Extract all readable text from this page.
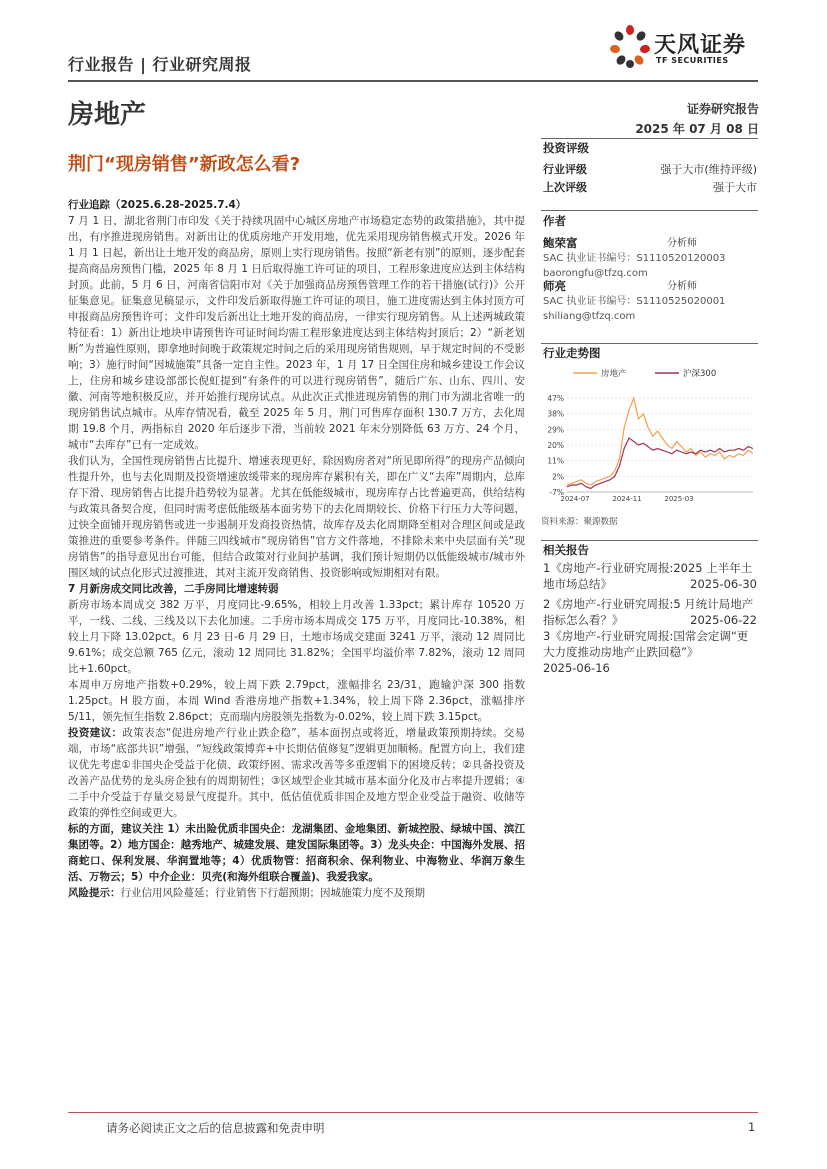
行业报告 | 行业研究周报
天风证券
TF SECURITIES
房地产	证券研究报告
2025 年 07 月 08 日
荆门“现房销售”新政怎么看?

行业追踪（2025.6.28-2025.7.4）

7 月 1 日，湖北省荆门市印发《关于持续巩固中心城区房地产市场稳定态势的政策措施》，其中提出，有序推进现房销售。对新出让的优质房地产开发用地，优先采用现房销售模式开发。2026 年 1 月 1 日起，新出让土地开发的商品房，原则上实行现房销售。按照“新老有别”的原则，逐步配套提高商品房预售门槛，2025 年 8 月 1 日后取得施工许可证的项目，工程形象进度应达到主体结构封顶。此前，5 月 6 日，河南省信阳市对《关于加强商品房预售管理工作的若干措施(试行)》公开征集意见。征集意见稿显示，文件印发后新取得施工许可证的项目，施工进度需达到主体封顶方可申报商品房预售许可；文件印发后新出让土地开发的商品房，一律实行现房销售。从上述两城政策特征看：1）新出让地块申请预售许可证时间均需工程形象进度达到主体结构封顶后；2）“新老划断”为普遍性原则，即拿地时间晚于政策规定时间之后的采用现房销售规则，早于规定时间的不受影响；3）施行时间“因城施策”具备一定自主性。2023 年，1 月 17 日全国住房和城乡建设工作会议上，住房和城乡建设部部长倪虹提到“有条件的可以进行现房销售”，随后广东、山东、四川、安徽、河南等地积极反应，并开始推行现房试点。从此次正式推进现房销售的荆门市为湖北省唯一的现房销售试点城市。从库存情况看，截至 2025 年 5 月，荆门可售库存面积 130.7 万方，去化周期 19.8 个月，两指标自 2020 年后逐步下滑，当前较 2021 年末分别降低 63 万方、24 个月，城市“去库存”已有一定成效。

我们认为，全国性现房销售占比提升、增速表现更好，除因购房者对“所见即所得”的现房产品倾向性提升外，也与去化周期及投资增速放缓带来的现房库存累积有关，即在广义“去库”周期内，总库存下滑、现房销售占比提升趋势较为显著。尤其在低能级城市，现房库存占比普遍更高，供给结构与政策具备契合度，但同时需考虑低能级基本面劣势下的去化周期较长、价格下行压力大等问题，过快全面铺开现房销售或进一步遏制开发商投资热情，故库存及去化周期降至相对合理区间或是政策推进的重要参考条件。伴随三四线城市“现房销售”官方文件落地，不排除未来中央层面有关“现房销售”的指导意见出台可能，但结合政策对行业间护基调，我们预计短期仍以低能级城市/城市外围区域的试点化形式过渡推进，其对主流开发商销售、投资影响或短期相对有限。

7 月新房成交同比改善，二手房同比增速转弱

新房市场本周成交 382 万平，月度同比-9.65%，相较上月改善 1.33pct；累计库存 10520 万平，一线、二线、三线及以下去化加速。二手房市场本周成交 175 万平，月度同比-10.38%，相较上月下降 13.02pct。6 月 23 日-6 月 29 日，土地市场成交建面 3241 万平，滚动 12 周同比 9.61%；成交总额 765 亿元，滚动 12 周同比 31.82%；全国平均溢价率 7.82%，滚动 12 周同比+1.60pct。

本周申万房地产指数+0.29%，较上周下跌 2.79pct，涨幅排名 23/31，跑输沪深 300 指数 1.25pct。H 股方面，本周 Wind 香港房地产指数+1.34%，较上周下降 2.36pct，涨幅排序 5/11，领先恒生指数 2.86pct；克而瑞内房股领先指数为-0.02%，较上周下跌 3.15pct。

投资建议：政策表态“促进房地产行业止跌企稳”，基本面拐点或将近，增量政策预期持续。交易端，市场“底部共识”增强，“短线政策博弈+中长期估值修复”逻辑更加顺畅。配置方向上，我们建议优先考虑①非国央企受益于化债、政策纾困、需求改善等多重逻辑下的困境反转；②具备投资及改善产品优势的龙头房企独有的周期韧性；③区域型企业其城市基本面分化及市占率提升逻辑；④二手中介受益于存量交易景气度提升。其中，低估值优质非国企及地方型企业受益于融资、收储等政策的弹性空间或更大。

标的方面，建议关注 1）未出险优质非国央企：龙湖集团、金地集团、新城控股、绿城中国、滨江集团等。2）地方国企：越秀地产、城建发展、建发国际集团等。3）龙头央企：中国海外发展、招商蛇口、保利发展、华润置地等；4）优质物管：招商积余、保利物业、中海物业、华润万象生活、万物云；5）中介企业：贝壳(和海外组联合覆盖)、我爱我家。

风险提示：行业信用风险蔓延；行业销售下行超预期；因城施策力度不及预期

投资评级
行业评级	强于大市(维持评级)
上次评级	强于大市
作者
鲍荣富	分析师
SAC 执业证书编号：S1110520120003
baorongfu@tfzq.com
师亮	分析师
SAC 执业证书编号：S1110525020001
shiliang@tfzq.com
行业走势图
房地产	沪深300
47%
38%
29%
20%
11%
2%
-7%
2024-07	2024-11	2025-03
资料来源：聚源数据
相关报告
1《房地产-行业研究周报:2025 上半年土地市场总结》	2025-06-30
2《房地产-行业研究周报:5 月统计局地产指标怎么看？》	2025-06-22
3《房地产-行业研究周报:国常会定调“更大力度推动房地产止跌回稳”》
2025-06-16
请务必阅读正文之后的信息披露和免责申明	1
